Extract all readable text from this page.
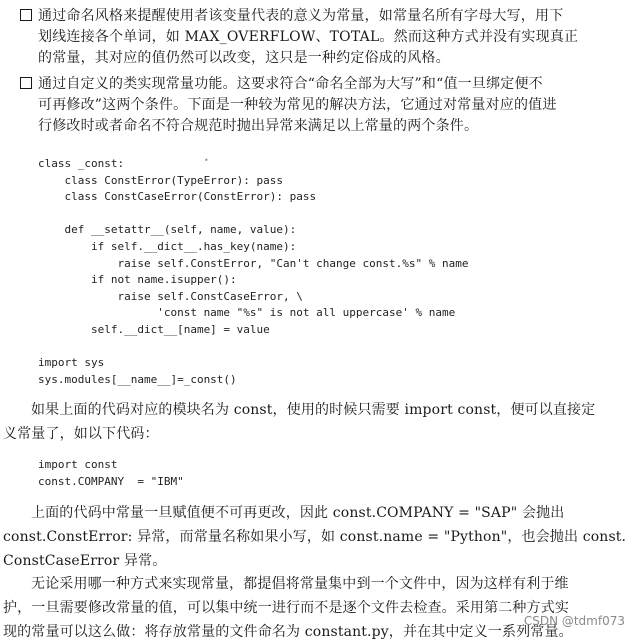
通过命名风格来提醒使用者该变量代表的意义为常量，如常量名所有字母大写，用下
划线连接各个单词，如 MAX_OVERFLOW、TOTAL。然而这种方式并没有实现真正
的常量，其对应的值仍然可以改变，这只是一种约定俗成的风格。
通过自定义的类实现常量功能。这要求符合“命名全部为大写”和“值一旦绑定便不
可再修改”这两个条件。下面是一种较为常见的解决方法，它通过对常量对应的值进
行修改时或者命名不符合规范时抛出异常来满足以上常量的两个条件。
•
class _const:
class ConstError(TypeError): pass
class ConstCaseError(ConstError): pass

def __setattr__(self, name, value):
if self.__dict__.has_key(name):
raise self.ConstError, "Can't change const.%s" % name
if not name.isupper():
raise self.ConstCaseError, \
'const name "%s" is not all uppercase' % name
self.__dict__[name] = value

import sys
sys.modules[__name__]=_const()
如果上面的代码对应的模块名为 const，使用的时候只需要 import const，便可以直接定
义常量了，如以下代码：
import const
const.COMPANY  = "IBM"
上面的代码中常量一旦赋值便不可再更改，因此 const.COMPANY = "SAP" 会抛出
const.ConstError: 异常，而常量名称如果小写，如 const.name = "Python"，也会抛出 const.
ConstCaseError 异常。
无论采用哪一种方式来实现常量，都提倡将常量集中到一个文件中，因为这样有利于维
护，一旦需要修改常量的值，可以集中统一进行而不是逐个文件去检查。采用第二种方式实
现的常量可以这么做：将存放常量的文件命名为 constant.py，并在其中定义一系列常量。
CSDN @tdmf073
